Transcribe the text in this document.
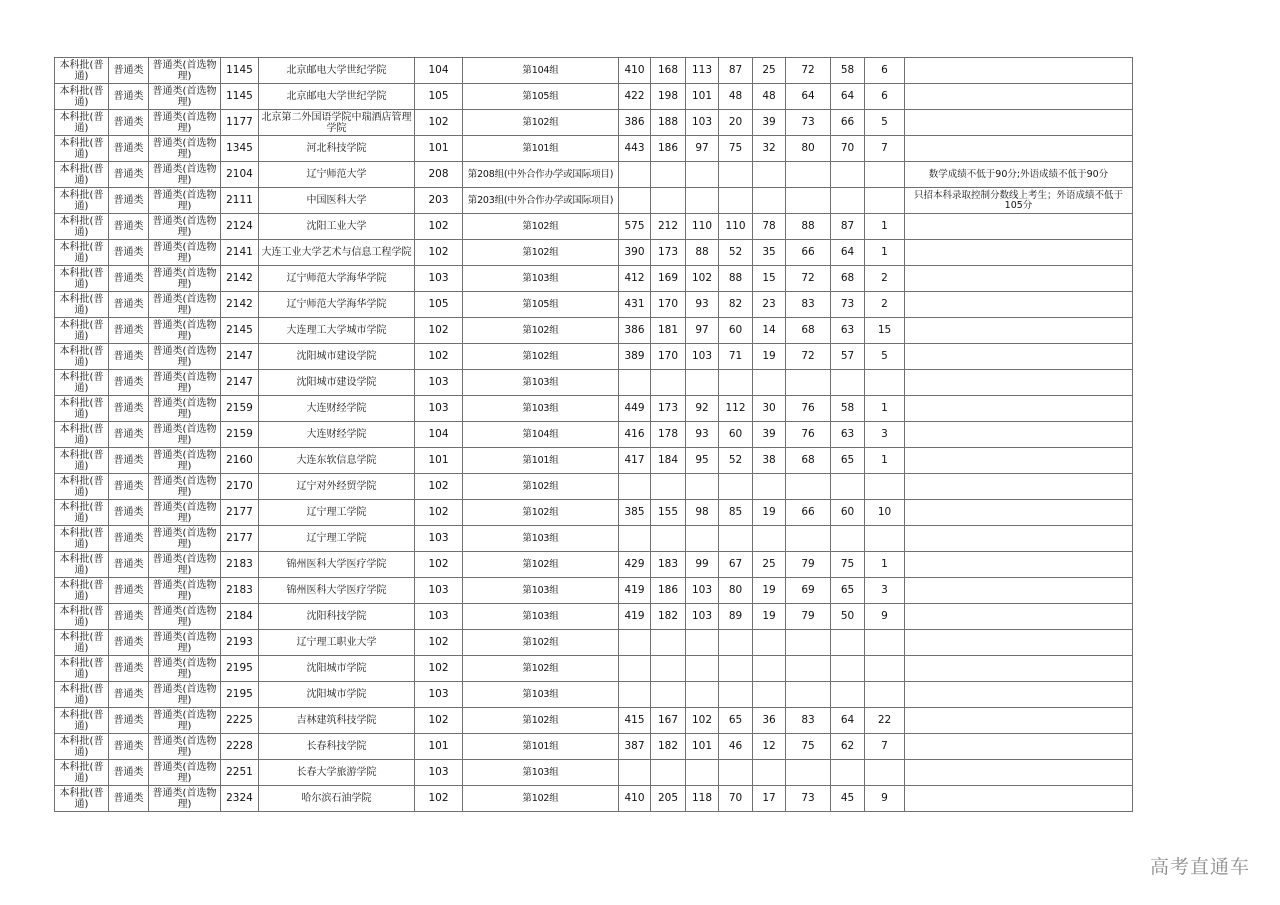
本科批(普通)	普通类	普通类(首选物理)	1145	北京邮电大学世纪学院	104	第104组	410	168	113	87	25	72	58	6	
本科批(普通)	普通类	普通类(首选物理)	1145	北京邮电大学世纪学院	105	第105组	422	198	101	48	48	64	64	6	
本科批(普通)	普通类	普通类(首选物理)	1177	北京第二外国语学院中瑞酒店管理学院	102	第102组	386	188	103	20	39	73	66	5	
本科批(普通)	普通类	普通类(首选物理)	1345	河北科技学院	101	第101组	443	186	97	75	32	80	70	7	
本科批(普通)	普通类	普通类(首选物理)	2104	辽宁师范大学	208	第208组(中外合作办学或国际项目)									数学成绩不低于90分;外语成绩不低于90分
本科批(普通)	普通类	普通类(首选物理)	2111	中国医科大学	203	第203组(中外合作办学或国际项目)									只招本科录取控制分数线上考生；外语成绩不低于105分
本科批(普通)	普通类	普通类(首选物理)	2124	沈阳工业大学	102	第102组	575	212	110	110	78	88	87	1	
本科批(普通)	普通类	普通类(首选物理)	2141	大连工业大学艺术与信息工程学院	102	第102组	390	173	88	52	35	66	64	1	
本科批(普通)	普通类	普通类(首选物理)	2142	辽宁师范大学海华学院	103	第103组	412	169	102	88	15	72	68	2	
本科批(普通)	普通类	普通类(首选物理)	2142	辽宁师范大学海华学院	105	第105组	431	170	93	82	23	83	73	2	
本科批(普通)	普通类	普通类(首选物理)	2145	大连理工大学城市学院	102	第102组	386	181	97	60	14	68	63	15	
本科批(普通)	普通类	普通类(首选物理)	2147	沈阳城市建设学院	102	第102组	389	170	103	71	19	72	57	5	
本科批(普通)	普通类	普通类(首选物理)	2147	沈阳城市建设学院	103	第103组									
本科批(普通)	普通类	普通类(首选物理)	2159	大连财经学院	103	第103组	449	173	92	112	30	76	58	1	
本科批(普通)	普通类	普通类(首选物理)	2159	大连财经学院	104	第104组	416	178	93	60	39	76	63	3	
本科批(普通)	普通类	普通类(首选物理)	2160	大连东软信息学院	101	第101组	417	184	95	52	38	68	65	1	
本科批(普通)	普通类	普通类(首选物理)	2170	辽宁对外经贸学院	102	第102组									
本科批(普通)	普通类	普通类(首选物理)	2177	辽宁理工学院	102	第102组	385	155	98	85	19	66	60	10	
本科批(普通)	普通类	普通类(首选物理)	2177	辽宁理工学院	103	第103组									
本科批(普通)	普通类	普通类(首选物理)	2183	锦州医科大学医疗学院	102	第102组	429	183	99	67	25	79	75	1	
本科批(普通)	普通类	普通类(首选物理)	2183	锦州医科大学医疗学院	103	第103组	419	186	103	80	19	69	65	3	
本科批(普通)	普通类	普通类(首选物理)	2184	沈阳科技学院	103	第103组	419	182	103	89	19	79	50	9	
本科批(普通)	普通类	普通类(首选物理)	2193	辽宁理工职业大学	102	第102组									
本科批(普通)	普通类	普通类(首选物理)	2195	沈阳城市学院	102	第102组									
本科批(普通)	普通类	普通类(首选物理)	2195	沈阳城市学院	103	第103组									
本科批(普通)	普通类	普通类(首选物理)	2225	吉林建筑科技学院	102	第102组	415	167	102	65	36	83	64	22	
本科批(普通)	普通类	普通类(首选物理)	2228	长春科技学院	101	第101组	387	182	101	46	12	75	62	7	
本科批(普通)	普通类	普通类(首选物理)	2251	长春大学旅游学院	103	第103组									
本科批(普通)	普通类	普通类(首选物理)	2324	哈尔滨石油学院	102	第102组	410	205	118	70	17	73	45	9	
高考直通车
